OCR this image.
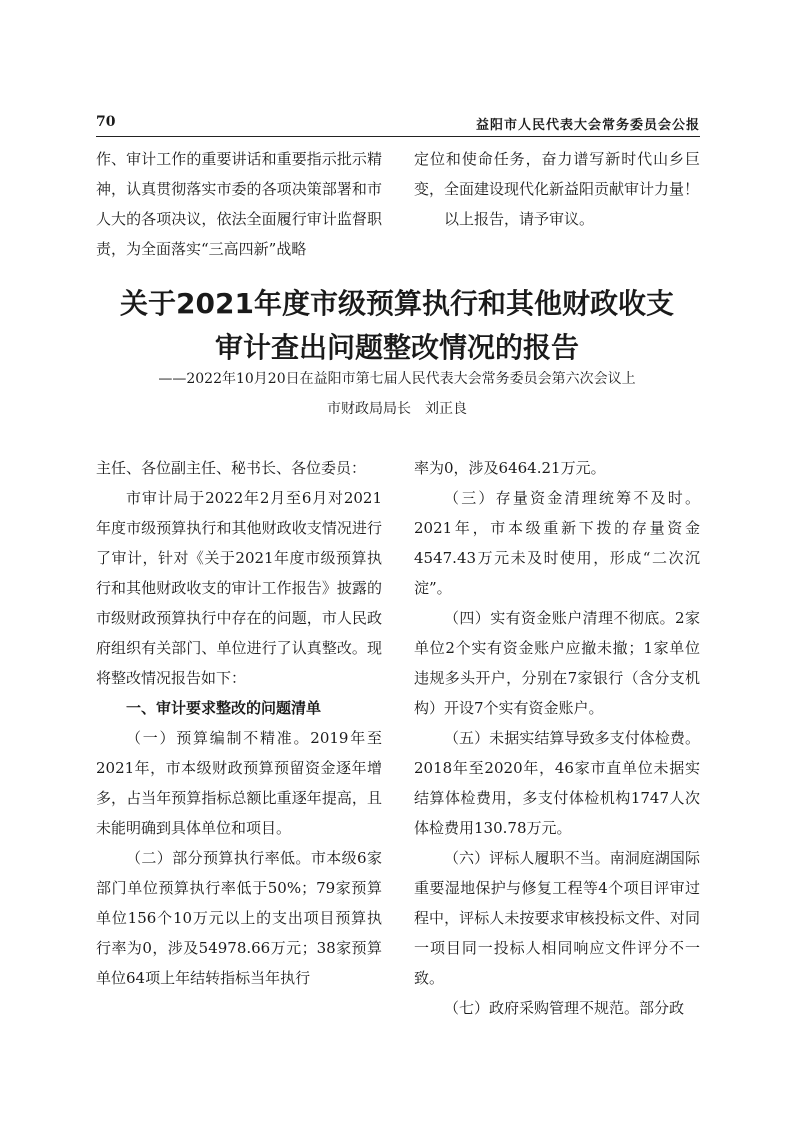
70	益阳市人民代表大会常务委员会公报

作、审计工作的重要讲话和重要指示批示精神，认真贯彻落实市委的各项决策部署和市人大的各项决议，依法全面履行审计监督职责，为全面落实“三高四新”战略

定位和使命任务，奋力谱写新时代山乡巨变，全面建设现代化新益阳贡献审计力量！

以上报告，请予审议。

关于2021年度市级预算执行和其他财政收支
审计查出问题整改情况的报告

——2022年10月20日在益阳市第七届人民代表大会常务委员会第六次会议上

市财政局局长　刘正良

主任、各位副主任、秘书长、各位委员：

市审计局于2022年2月至6月对2021年度市级预算执行和其他财政收支情况进行了审计，针对《关于2021年度市级预算执行和其他财政收支的审计工作报告》披露的市级财政预算执行中存在的问题，市人民政府组织有关部门、单位进行了认真整改。现将整改情况报告如下：

一、审计要求整改的问题清单

（一）预算编制不精准。2019年至2021年，市本级财政预算预留资金逐年增多，占当年预算指标总额比重逐年提高，且未能明确到具体单位和项目。

（二）部分预算执行率低。市本级6家部门单位预算执行率低于50%；79家预算单位156个10万元以上的支出项目预算执行率为0，涉及54978.66万元；38家预算单位64项上年结转指标当年执行

率为0，涉及6464.21万元。

（三）存量资金清理统筹不及时。2021年，市本级重新下拨的存量资金4547.43万元未及时使用，形成“二次沉淀”。

（四）实有资金账户清理不彻底。2家单位2个实有资金账户应撤未撤；1家单位违规多头开户，分别在7家银行（含分支机构）开设7个实有资金账户。

（五）未据实结算导致多支付体检费。2018年至2020年，46家市直单位未据实结算体检费用，多支付体检机构1747人次体检费用130.78万元。

（六）评标人履职不当。南洞庭湖国际重要湿地保护与修复工程等4个项目评审过程中，评标人未按要求审核投标文件、对同一项目同一投标人相同响应文件评分不一致。

（七）政府采购管理不规范。部分政
